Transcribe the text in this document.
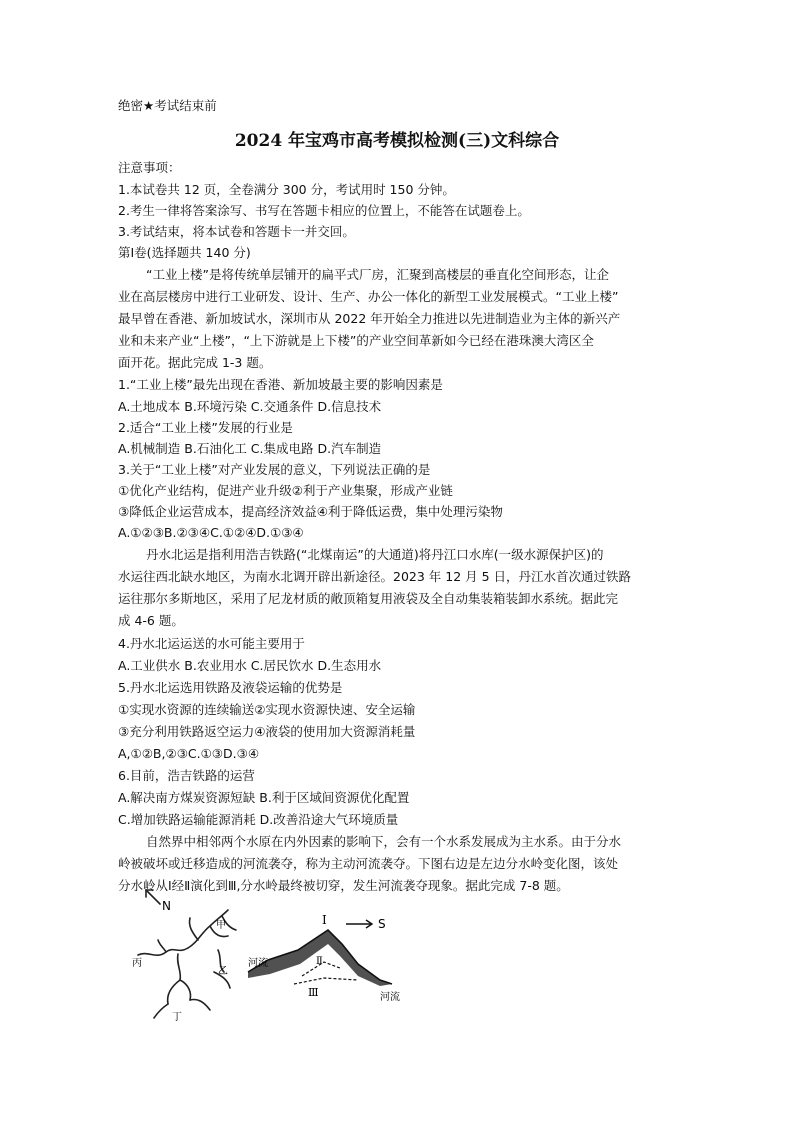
绝密★考试结束前
2024 年宝鸡市高考模拟检测(三)文科综合
注意事项：
1.本试卷共 12 页，全卷满分 300 分，考试用时 150 分钟。
2.考生一律将答案涂写、书写在答题卡相应的位置上，不能答在试题卷上。
3.考试结束，将本试卷和答题卡一并交回。
第Ⅰ卷(选择题共 140 分)
“工业上楼”是将传统单层铺开的扁平式厂房，汇聚到高楼层的垂直化空间形态，让企
业在高层楼房中进行工业研发、设计、生产、办公一体化的新型工业发展模式。“工业上楼”
最早曾在香港、新加坡试水，深圳市从 2022 年开始全力推进以先进制造业为主体的新兴产
业和未来产业“上楼”，“上下游就是上下楼”的产业空间革新如今已经在港珠澳大湾区全
面开花。据此完成 1-3 题。
1.“工业上楼”最先出现在香港、新加坡最主要的影响因素是
A.土地成本 B.环境污染 C.交通条件 D.信息技术
2.适合“工业上楼”发展的行业是
A.机械制造 B.石油化工 C.集成电路 D.汽车制造
3.关于“工业上楼”对产业发展的意义，下列说法正确的是
①优化产业结构，促进产业升级②利于产业集聚，形成产业链
③降低企业运营成本，提高经济效益④利于降低运费，集中处理污染物
A.①②③B.②③④C.①②④D.①③④
丹水北运是指利用浩吉铁路(“北煤南运”的大通道)将丹江口水库(一级水源保护区)的
水运往西北缺水地区，为南水北调开辟出新途径。2023 年 12 月 5 日，丹江水首次通过铁路
运往那尔多斯地区，采用了尼龙材质的敞顶箱复用液袋及全自动集装箱装卸水系统。据此完
成 4-6 题。
4.丹水北运运送的水可能主要用于
A.工业供水 B.农业用水 C.居民饮水 D.生态用水
5.丹水北运选用铁路及液袋运输的优势是
①实现水资源的连续输送②实现水资源快速、安全运输
③充分利用铁路返空运力④液袋的使用加大资源消耗量
A,①②B,②③C.①③D.③④
6.目前，浩吉铁路的运营
A.解决南方煤炭资源短缺 B.利于区域间资源优化配置
C.增加铁路运输能源消耗 D.改善沿途大气环境质量
自然界中相邻两个水原在内外因素的影响下，会有一个水系发展成为主水系。由于分水
岭被破坏或迁移造成的河流袭夺，称为主动河流袭夺。下图右边是左边分水岭变化图，该处
分水岭从Ⅰ经Ⅱ演化到Ⅲ,分水岭最终被切穿，发生河流袭夺现象。据此完成 7-8 题。
N
甲
乙
丙
丁
S
Ⅰ
Ⅱ
Ⅲ
河流
河流
